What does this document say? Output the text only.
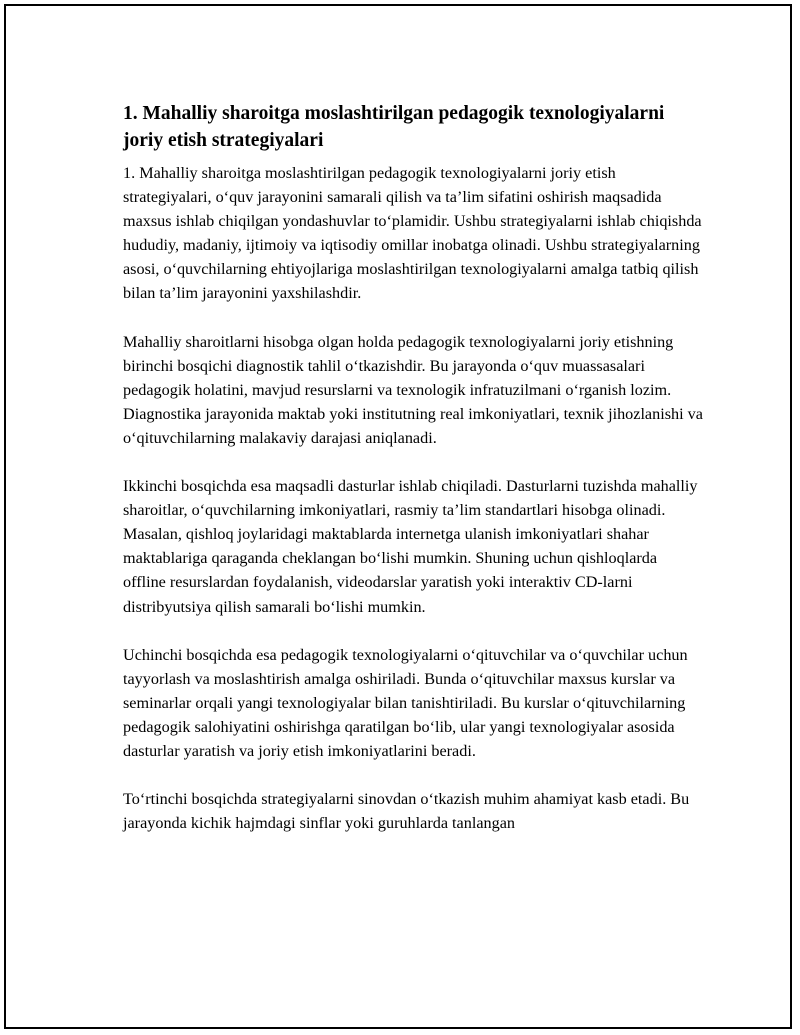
1. Mahalliy sharoitga moslashtirilgan pedagogik texnologiyalarni joriy etish strategiyalari

1. Mahalliy sharoitga moslashtirilgan pedagogik texnologiyalarni joriy etish strategiyalari, o‘quv jarayonini samarali qilish va ta’lim sifatini oshirish maqsadida maxsus ishlab chiqilgan yondashuvlar to‘plamidir. Ushbu strategiyalarni ishlab chiqishda hududiy, madaniy, ijtimoiy va iqtisodiy omillar inobatga olinadi. Ushbu strategiyalarning asosi, o‘quvchilarning ehtiyojlariga moslashtirilgan texnologiyalarni amalga tatbiq qilish bilan ta’lim jarayonini yaxshilashdir.

Mahalliy sharoitlarni hisobga olgan holda pedagogik texnologiyalarni joriy etishning birinchi bosqichi diagnostik tahlil o‘tkazishdir. Bu jarayonda o‘quv muassasalari pedagogik holatini, mavjud resurslarni va texnologik infratuzilmani o‘rganish lozim. Diagnostika jarayonida maktab yoki institutning real imkoniyatlari, texnik jihozlanishi va o‘qituvchilarning malakaviy darajasi aniqlanadi.

Ikkinchi bosqichda esa maqsadli dasturlar ishlab chiqiladi. Dasturlarni tuzishda mahalliy sharoitlar, o‘quvchilarning imkoniyatlari, rasmiy ta’lim standartlari hisobga olinadi. Masalan, qishloq joylaridagi maktablarda internetga ulanish imkoniyatlari shahar maktablariga qaraganda cheklangan bo‘lishi mumkin. Shuning uchun qishloqlarda offline resurslardan foydalanish, videodarslar yaratish yoki interaktiv CD-larni distribyutsiya qilish samarali bo‘lishi mumkin.

Uchinchi bosqichda esa pedagogik texnologiyalarni o‘qituvchilar va o‘quvchilar uchun tayyorlash va moslashtirish amalga oshiriladi. Bunda o‘qituvchilar maxsus kurslar va seminarlar orqali yangi texnologiyalar bilan tanishtiriladi. Bu kurslar o‘qituvchilarning pedagogik salohiyatini oshirishga qaratilgan bo‘lib, ular yangi texnologiyalar asosida dasturlar yaratish va joriy etish imkoniyatlarini beradi.

To‘rtinchi bosqichda strategiyalarni sinovdan o‘tkazish muhim ahamiyat kasb etadi. Bu jarayonda kichik hajmdagi sinflar yoki guruhlarda tanlangan
